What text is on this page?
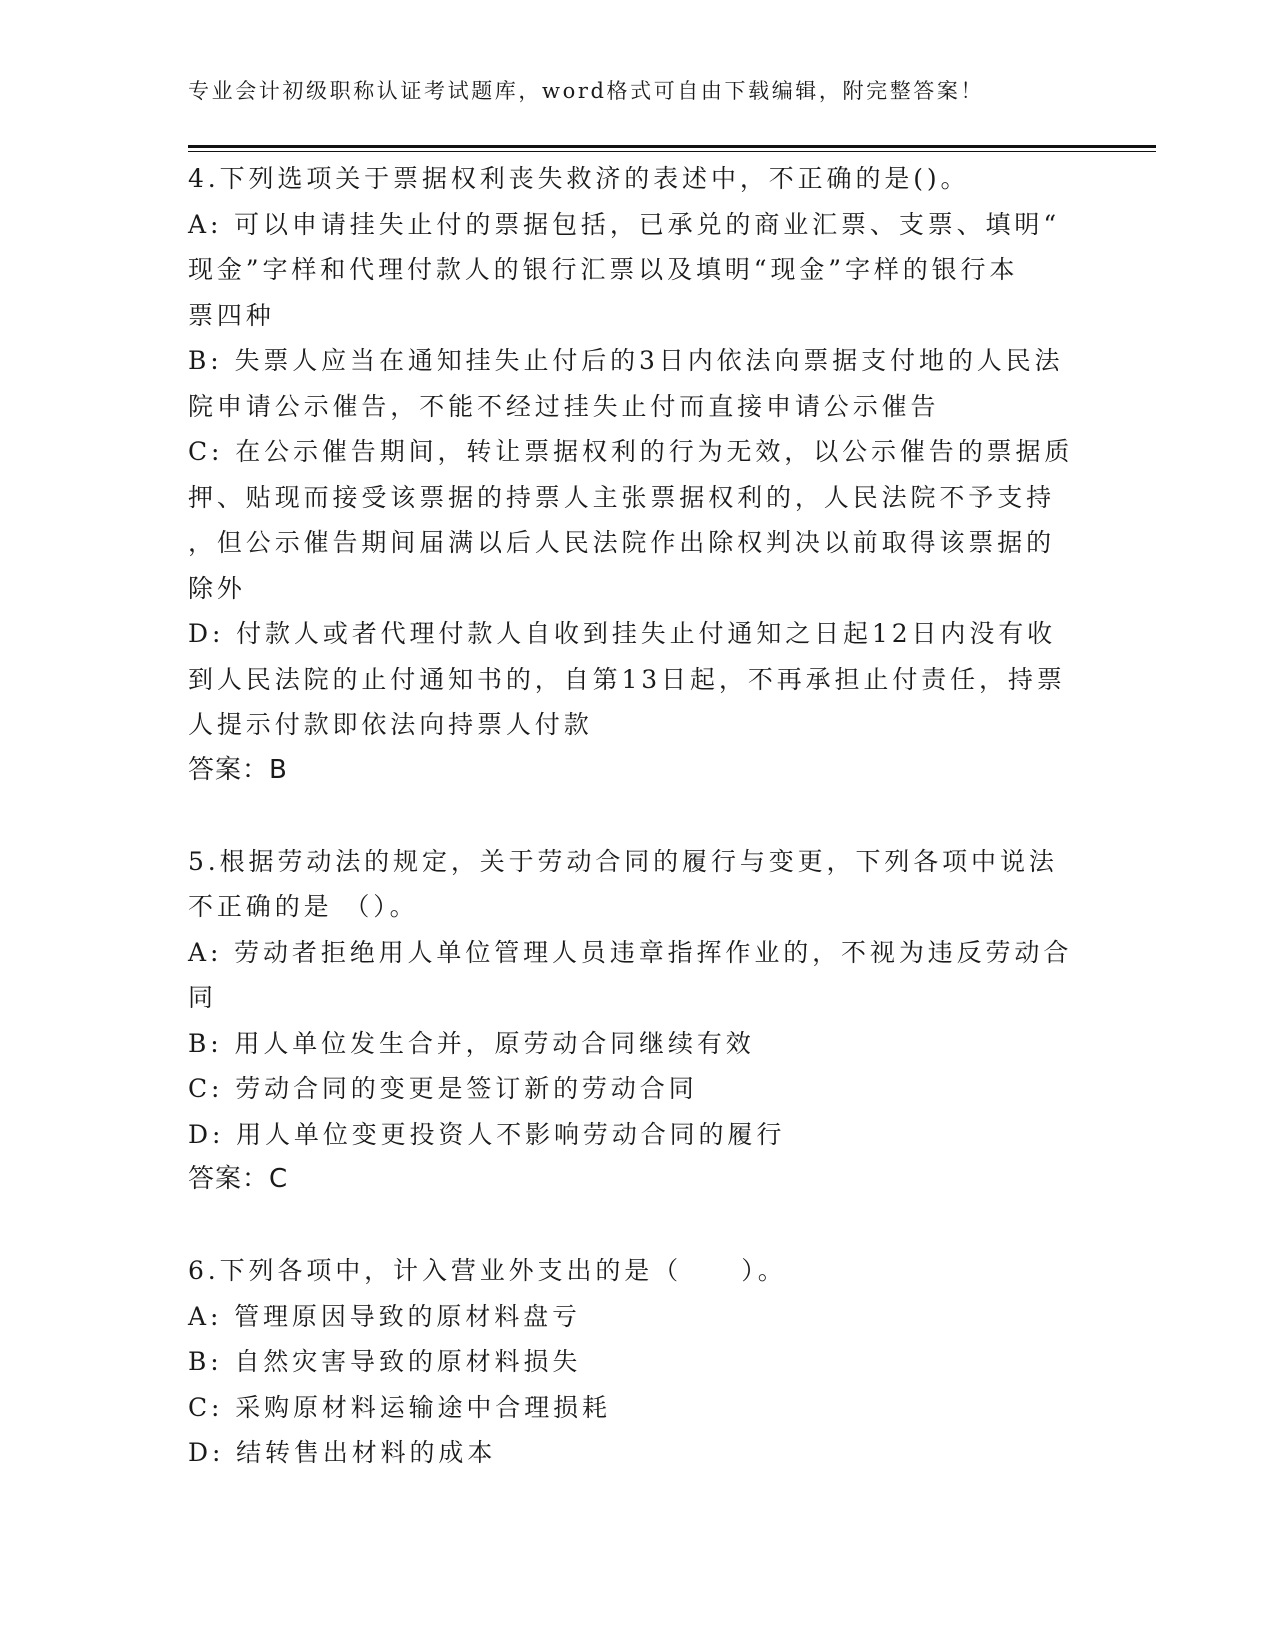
专业会计初级职称认证考试题库，word格式可自由下载编辑，附完整答案！
4.下列选项关于票据权利丧失救济的表述中，不正确的是()。
A: 可以申请挂失止付的票据包括，已承兑的商业汇票、支票、填明“
现金”字样和代理付款人的银行汇票以及填明“现金”字样的银行本
票四种
B: 失票人应当在通知挂失止付后的3日内依法向票据支付地的人民法
院申请公示催告，不能不经过挂失止付而直接申请公示催告
C: 在公示催告期间，转让票据权利的行为无效，以公示催告的票据质
押、贴现而接受该票据的持票人主张票据权利的，人民法院不予支持
，但公示催告期间届满以后人民法院作出除权判决以前取得该票据的
除外
D: 付款人或者代理付款人自收到挂失止付通知之日起12日内没有收
到人民法院的止付通知书的，自第13日起，不再承担止付责任，持票
人提示付款即依法向持票人付款
答案：B
5.根据劳动法的规定，关于劳动合同的履行与变更，下列各项中说法
不正确的是 （）。
A: 劳动者拒绝用人单位管理人员违章指挥作业的，不视为违反劳动合
同
B: 用人单位发生合并，原劳动合同继续有效
C: 劳动合同的变更是签订新的劳动合同
D: 用人单位变更投资人不影响劳动合同的履行
答案：C
6.下列各项中，计入营业外支出的是（     ）。
A: 管理原因导致的原材料盘亏
B: 自然灾害导致的原材料损失
C: 采购原材料运输途中合理损耗
D: 结转售出材料的成本
